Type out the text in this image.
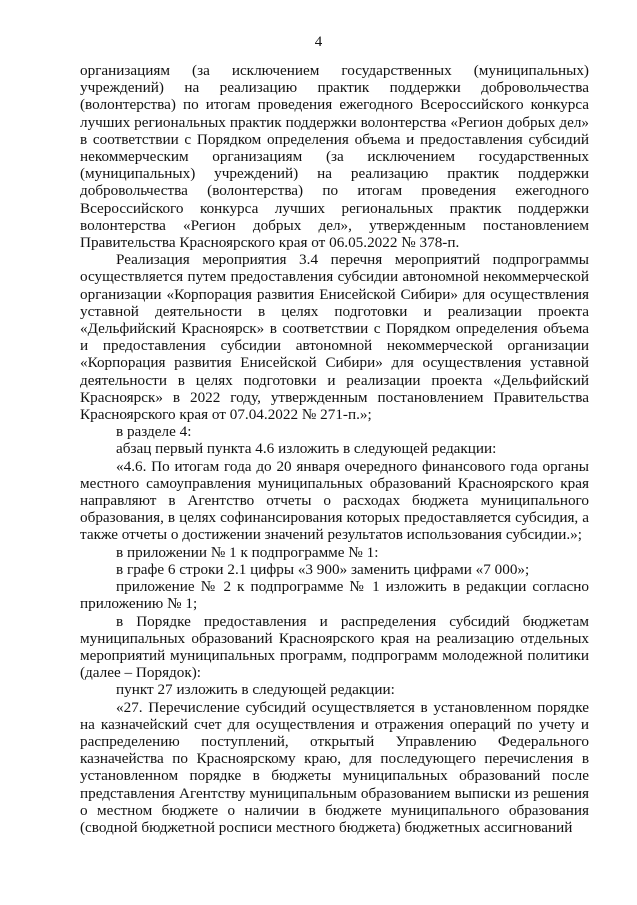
4

организациям (за исключением государственных (муниципальных) учреждений) на реализацию практик поддержки добровольчества (волонтерства) по итогам проведения ежегодного Всероссийского конкурса лучших региональных практик поддержки волонтерства «Регион добрых дел» в соответствии с Порядком определения объема и предоставления субсидий некоммерческим организациям (за исключением государственных (муниципальных) учреждений) на реализацию практик поддержки добровольчества (волонтерства) по итогам проведения ежегодного Всероссийского конкурса лучших региональных практик поддержки волонтерства «Регион добрых дел», утвержденным постановлением Правительства Красноярского края от 06.05.2022 № 378-п.

Реализация мероприятия 3.4 перечня мероприятий подпрограммы осуществляется путем предоставления субсидии автономной некоммерческой организации «Корпорация развития Енисейской Сибири» для осуществления уставной деятельности в целях подготовки и реализации проекта «Дельфийский Красноярск» в соответствии с Порядком определения объема и предоставления субсидии автономной некоммерческой организации «Корпорация развития Енисейской Сибири» для осуществления уставной деятельности в целях подготовки и реализации проекта «Дельфийский Красноярск» в 2022 году, утвержденным постановлением Правительства Красноярского края от 07.04.2022 № 271-п.»;

в разделе 4:

абзац первый пункта 4.6 изложить в следующей редакции:

«4.6. По итогам года до 20 января очередного финансового года органы местного самоуправления муниципальных образований Красноярского края направляют в Агентство отчеты о расходах бюджета муниципального образования, в целях софинансирования которых предоставляется субсидия, а также отчеты о достижении значений результатов использования субсидии.»;

в приложении № 1 к подпрограмме № 1:

в графе 6 строки 2.1 цифры «3 900» заменить цифрами «7 000»;

приложение № 2 к подпрограмме № 1 изложить в редакции согласно приложению № 1;

в Порядке предоставления и распределения субсидий бюджетам муниципальных образований Красноярского края на реализацию отдельных мероприятий муниципальных программ, подпрограмм молодежной политики (далее – Порядок):

пункт 27 изложить в следующей редакции:

«27. Перечисление субсидий осуществляется в установленном порядке на казначейский счет для осуществления и отражения операций по учету и распределению поступлений, открытый Управлению Федерального казначейства по Красноярскому краю, для последующего перечисления в установленном порядке в бюджеты муниципальных образований после представления Агентству муниципальным образованием выписки из решения о местном бюджете о наличии в бюджете муниципального образования (сводной бюджетной росписи местного бюджета) бюджетных ассигнований
